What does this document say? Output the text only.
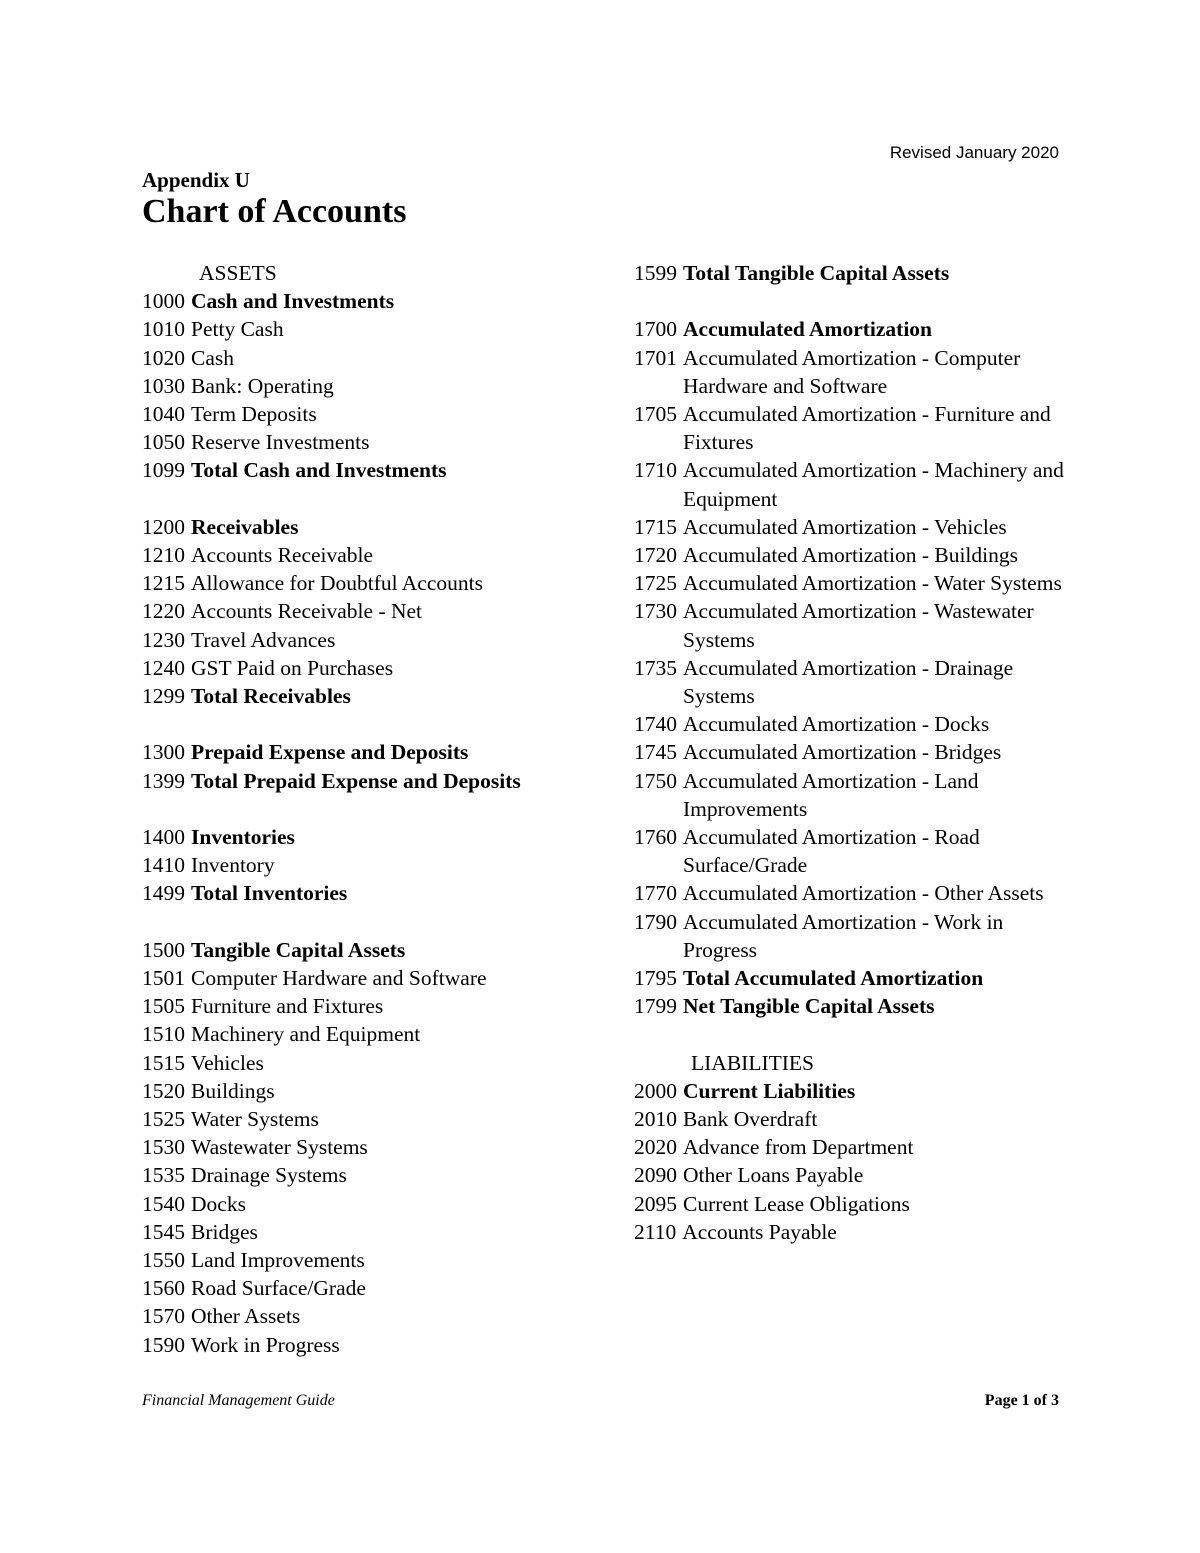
Revised January 2020
Appendix U
Chart of Accounts
ASSETS
1000 Cash and Investments
1010 Petty Cash
1020 Cash
1030 Bank: Operating
1040 Term Deposits
1050 Reserve Investments
1099 Total Cash and Investments
1200 Receivables
1210 Accounts Receivable
1215 Allowance for Doubtful Accounts
1220 Accounts Receivable - Net
1230 Travel Advances
1240 GST Paid on Purchases
1299 Total Receivables
1300 Prepaid Expense and Deposits
1399 Total Prepaid Expense and Deposits
1400 Inventories
1410 Inventory
1499 Total Inventories
1500 Tangible Capital Assets
1501 Computer Hardware and Software
1505 Furniture and Fixtures
1510 Machinery and Equipment
1515 Vehicles
1520 Buildings
1525 Water Systems
1530 Wastewater Systems
1535 Drainage Systems
1540 Docks
1545 Bridges
1550 Land Improvements
1560 Road Surface/Grade
1570 Other Assets
1590 Work in Progress
1599 Total Tangible Capital Assets
1700 Accumulated Amortization
1701 Accumulated Amortization - Computer
Hardware and Software
1705 Accumulated Amortization - Furniture and Fixtures
1710 Accumulated Amortization - Machinery and Equipment
1715 Accumulated Amortization - Vehicles
1720 Accumulated Amortization - Buildings
1725 Accumulated Amortization - Water Systems
1730 Accumulated Amortization - Wastewater Systems
1735 Accumulated Amortization - Drainage Systems
1740 Accumulated Amortization - Docks
1745 Accumulated Amortization - Bridges
1750 Accumulated Amortization - Land Improvements
1760 Accumulated Amortization - Road Surface/Grade
1770 Accumulated Amortization - Other Assets
1790 Accumulated Amortization - Work in Progress
1795 Total Accumulated Amortization
1799 Net Tangible Capital Assets
LIABILITIES
2000 Current Liabilities
2010 Bank Overdraft
2020 Advance from Department
2090 Other Loans Payable
2095 Current Lease Obligations
2110 Accounts Payable
Financial Management Guide	Page 1 of 3
